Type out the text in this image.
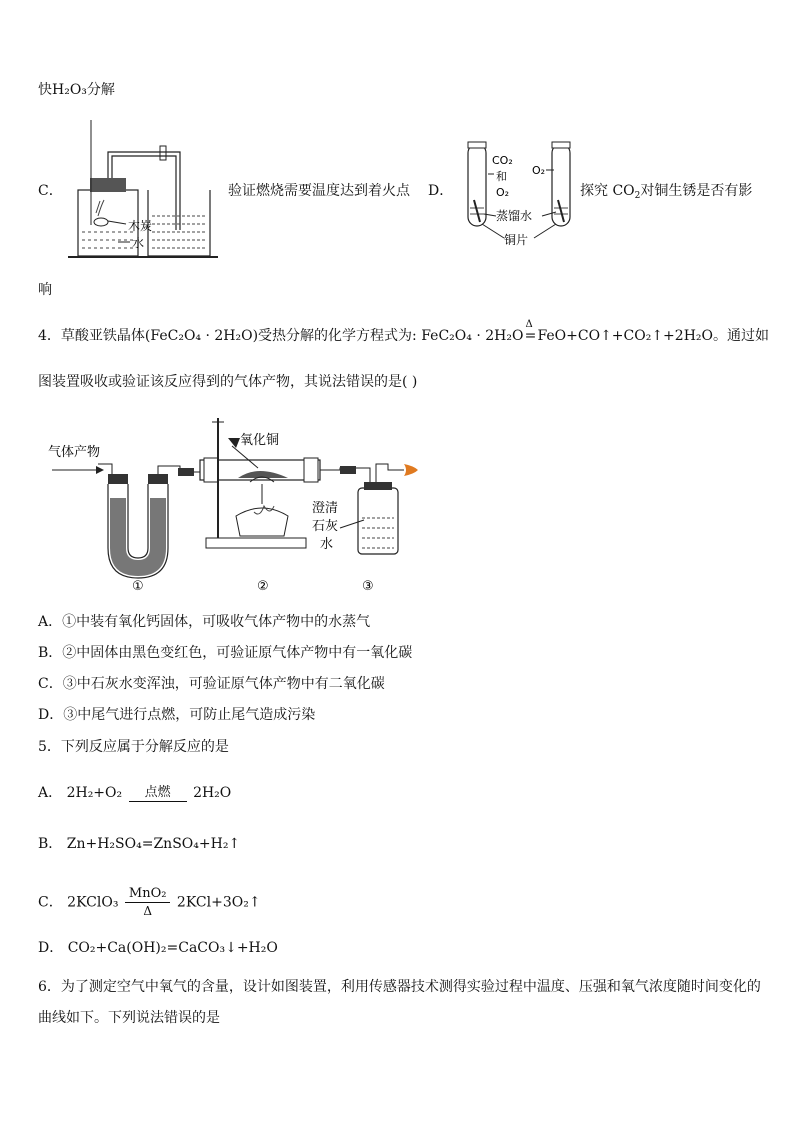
快H₂O₃分解
C．
木炭
水
验证燃烧需要温度达到着火点 D．
CO₂
和
O₂
O₂
蒸馏水
铜片
探究 $CO_2$对铜生锈是否有影
响
4．草酸亚铁晶体(FeC₂O₄ · 2H₂O)受热分解的化学方程式为: FeC₂O₄ · 2H₂O
Δ
=FeO+CO↑+CO₂↑+2H₂O。通过如
图装置吸收或验证该反应得到的气体产物，其说法错误的是( )
气体产物
氧化铜
澄清
石灰
水
①	②	③
A．①中装有氧化钙固体，可吸收气体产物中的水蒸气
B．②中固体由黑色变红色，可验证原气体产物中有一氧化碳
C．③中石灰水变浑浊，可验证原气体产物中有二氧化碳
D．③中尾气进行点燃，可防止尾气造成污染
5．下列反应属于分解反应的是
A． 2H₂+O₂	点燃	2H₂O
B． Zn+H₂SO₄=ZnSO₄+H₂↑
C． 2KClO₃ $\frac{\text{MnO₂}}{\Delta}$ 2KCl+3O₂↑
D． CO₂+Ca(OH)₂=CaCO₃↓+H₂O
6．为了测定空气中氧气的含量，设计如图装置，利用传感器技术测得实验过程中温度、压强和氧气浓度随时间变化的
曲线如下。下列说法错误的是
